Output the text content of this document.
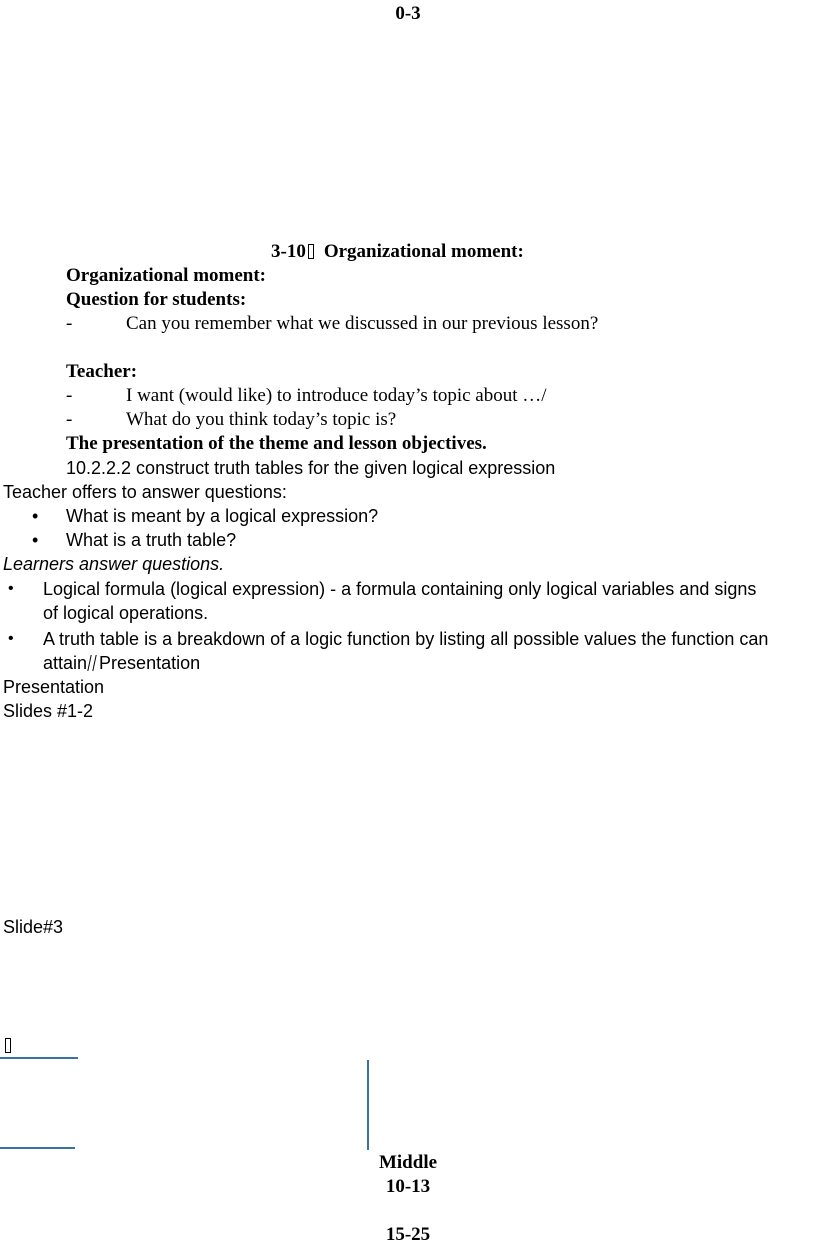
0-3
3-10 Organizational moment:
Organizational moment:
Question for students:
-	Can you remember what we discussed in our previous lesson?
Teacher:
-	I want (would like) to introduce today’s topic about …/
-	What do you think today’s topic is?
The presentation of the theme and lesson objectives.
10.2.2.2 construct truth tables for the given logical expression
Teacher offers to answer questions:
• What is meant by a logical expression?
• What is a truth table?
Learners answer questions.
• Logical formula (logical expression) - a formula containing only logical variables and signs
of logical operations.
• A truth table is a breakdown of a logic function by listing all possible values the function can
attain Presentation
Presentation
Slides #1-2
Slide#3
Middle
10-13
15-25
